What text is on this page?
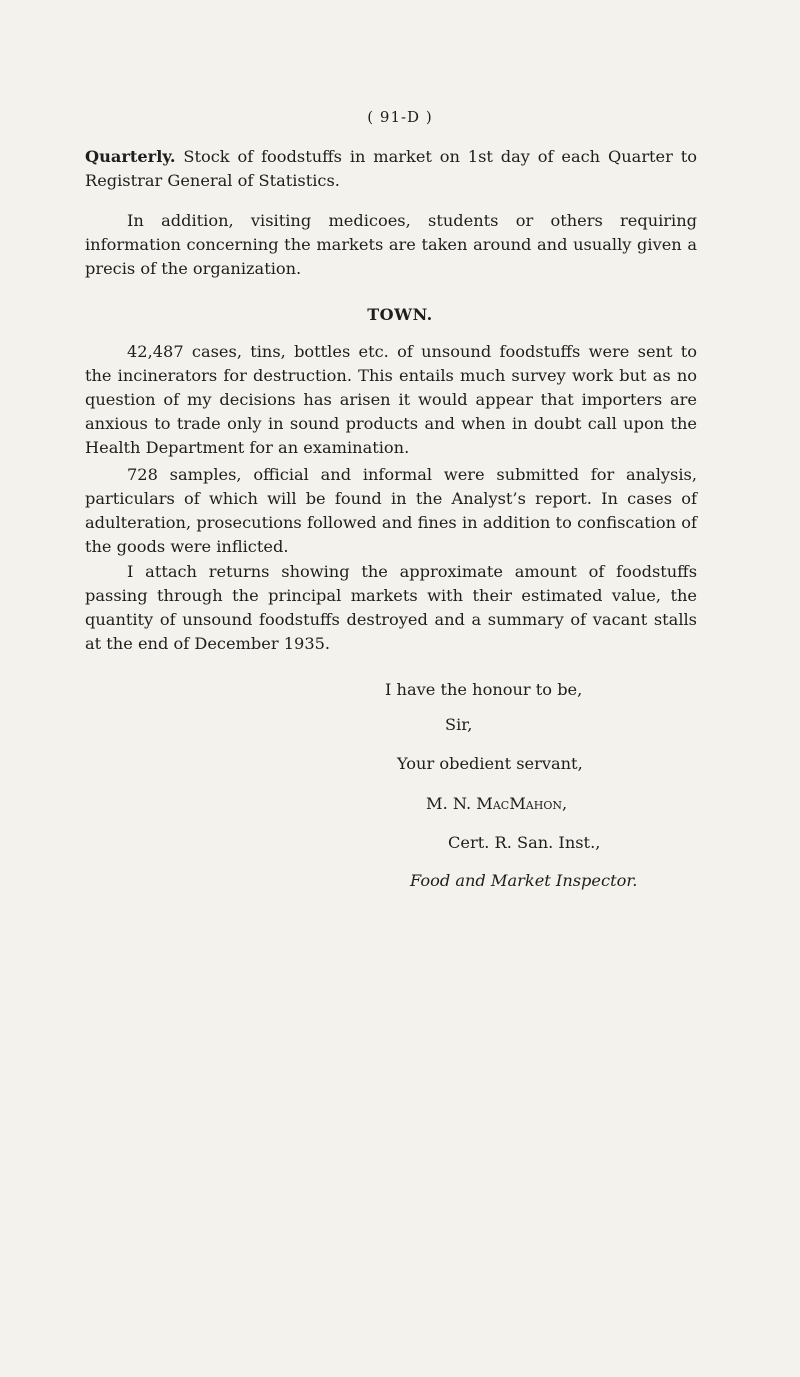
( 91-D )

Quarterly. Stock of foodstuffs in market on 1st day of each Quarter to Registrar General of Statistics.

In addition, visiting medicoes, students or others requiring information concerning the markets are taken around and usually given a precis of the organization.

TOWN.

42,487 cases, tins, bottles etc. of unsound foodstuffs were sent to the incinerators for destruction. This entails much survey work but as no question of my decisions has arisen it would appear that importers are anxious to trade only in sound products and when in doubt call upon the Health Department for an examination.

728 samples, official and informal were submitted for analysis, particulars of which will be found in the Analyst’s report. In cases of adulteration, prosecutions followed and fines in addition to confiscation of the goods were inflicted.

I attach returns showing the approximate amount of foodstuffs passing through the principal markets with their estimated value, the quantity of unsound foodstuffs destroyed and a summary of vacant stalls at the end of December 1935.

I have the honour to be,
Sir,
Your obedient servant,
M. N. MacMahon,
Cert. R. San. Inst.,
Food and Market Inspector.
